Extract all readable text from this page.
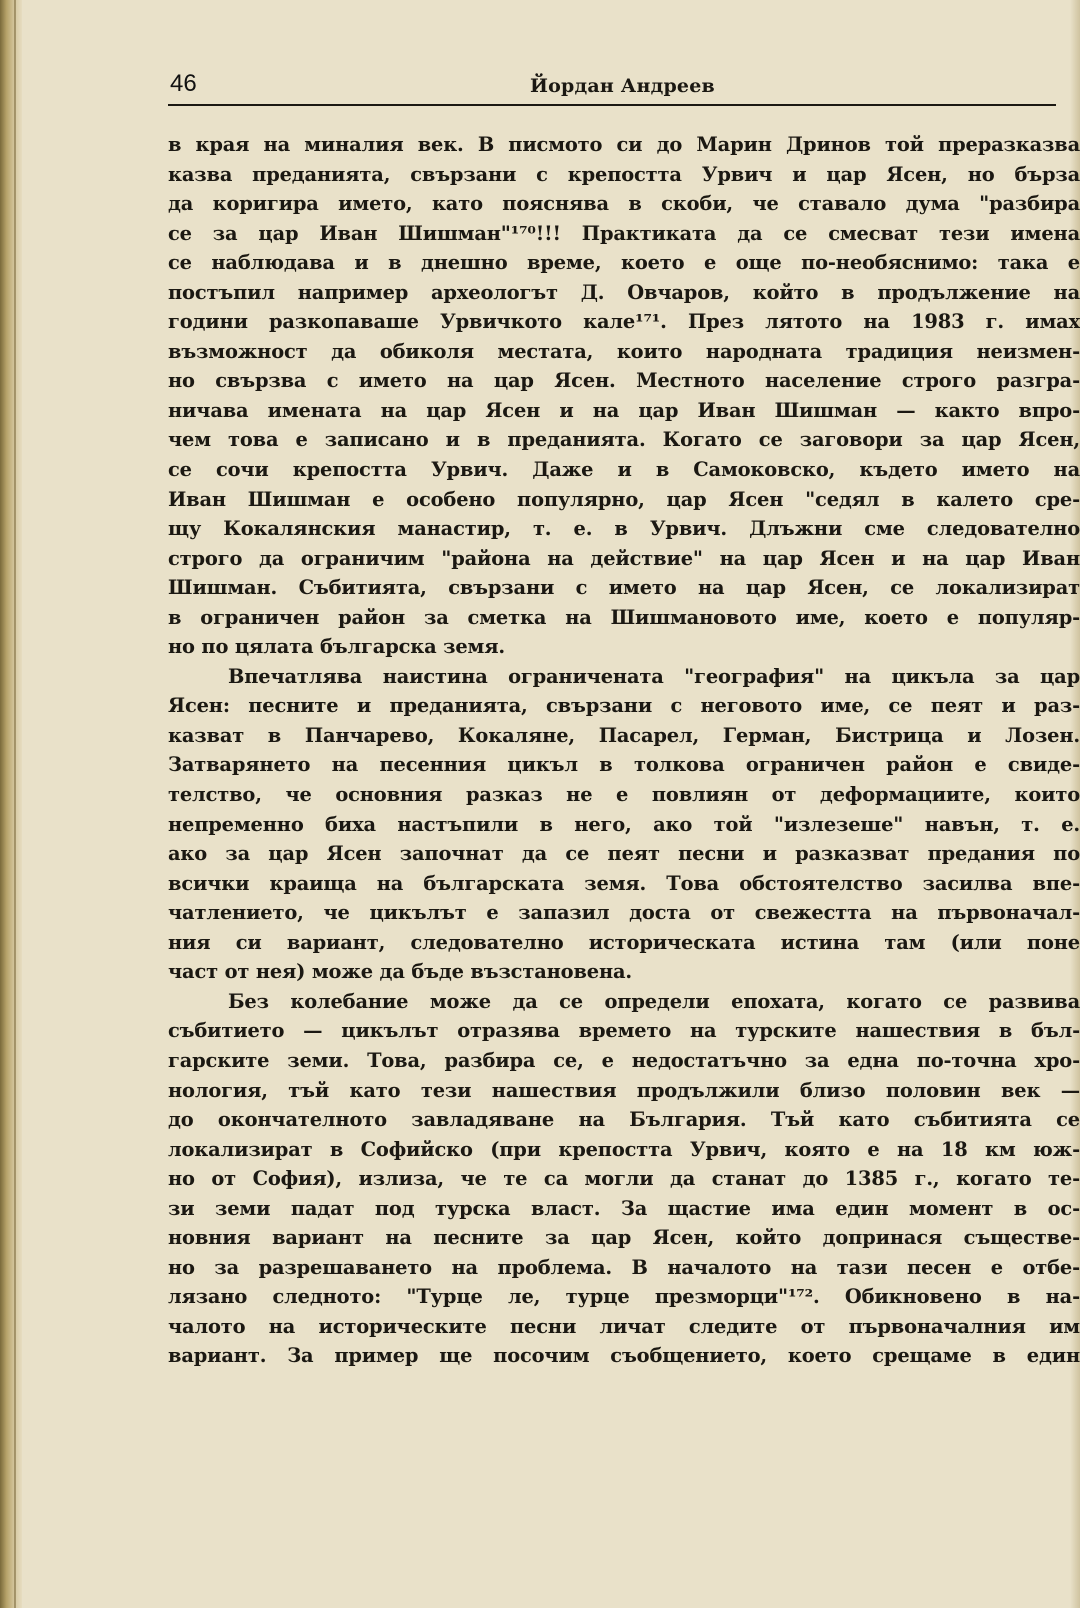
46	Йордан Андреев
в края на миналия век. В писмото си до Марин Дринов той преразказва
казва преданията, свързани с крепостта Урвич и цар Ясен, но бърза
да коригира името, като пояснява в скоби, че ставало дума "разбира
се за цар Иван Шишман"¹⁷⁰!!! Практиката да се смесват тези имена
се наблюдава и в днешно време, което е още по-необяснимо: така е
постъпил например археологът Д. Овчаров, който в продължение на
години разкопаваше Урвичкото кале¹⁷¹. През лятото на 1983 г. имах
възможност да обиколя местата, които народната традиция неизмен-
но свързва с името на цар Ясен. Местното население строго разгра-
ничава имената на цар Ясен и на цар Иван Шишман — както впро-
чем това е записано и в преданията. Когато се заговори за цар Ясен,
се сочи крепостта Урвич. Даже и в Самоковско, където името на
Иван Шишман е особено популярно, цар Ясен "седял в калето сре-
щу Кокалянския манастир, т. е. в Урвич. Длъжни сме следователно
строго да ограничим "района на действие" на цар Ясен и на цар Иван
Шишман. Събитията, свързани с името на цар Ясен, се локализират
в ограничен район за сметка на Шишмановото име, което е популяр-
но по цялата българска земя.
Впечатлява наистина ограничената "география" на цикъла за цар
Ясен: песните и преданията, свързани с неговото име, се пеят и раз-
казват в Панчарево, Кокаляне, Пасарел, Герман, Бистрица и Лозен.
Затварянето на песенния цикъл в толкова ограничен район е свиде-
телство, че основния разказ не е повлиян от деформациите, които
непременно биха настъпили в него, ако той "излезеше" навън, т. е.
ако за цар Ясен започнат да се пеят песни и разказват предания по
всички краища на българската земя. Това обстоятелство засилва впе-
чатлението, че цикълът е запазил доста от свежестта на първоначал-
ния си вариант, следователно историческата истина там (или поне
част от нея) може да бъде възстановена.
Без колебание може да се определи епохата, когато се развива
събитието — цикълът отразява времето на турските нашествия в бъл-
гарските земи. Това, разбира се, е недостатъчно за една по-точна хро-
нология, тъй като тези нашествия продължили близо половин век —
до окончателното завладяване на България. Тъй като събитията се
локализират в Софийско (при крепостта Урвич, която е на 18 км юж-
но от София), излиза, че те са могли да станат до 1385 г., когато те-
зи земи падат под турска власт. За щастие има един момент в ос-
новния вариант на песните за цар Ясен, който допринася съществе-
но за разрешаването на проблема. В началото на тази песен е отбе-
лязано следното: "Турце ле, турце презморци"¹⁷². Обикновено в на-
чалото на историческите песни личат следите от първоначалния им
вариант. За пример ще посочим съобщението, което срещаме в един
